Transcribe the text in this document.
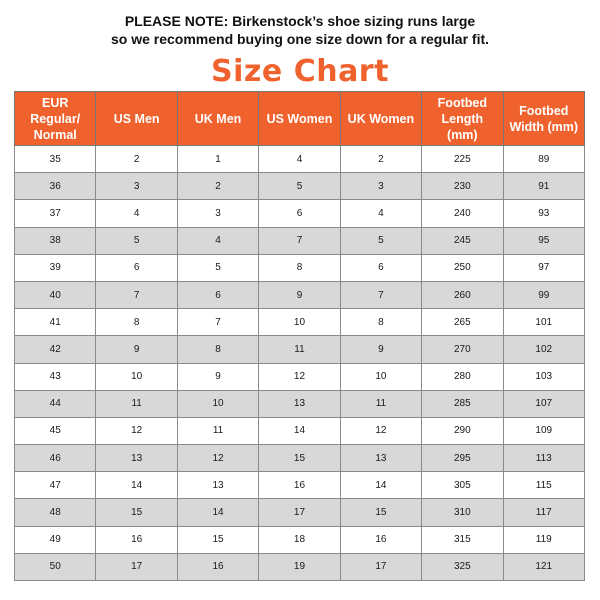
PLEASE NOTE: Birkenstock’s shoe sizing runs large
so we recommend buying one size down for a regular fit.
Size Chart
EUR
Regular/
Normal	US Men	UK Men	US Women	UK Women	Footbed
Length
(mm)	Footbed
Width (mm)
35	2	1	4	2	225	89
36	3	2	5	3	230	91
37	4	3	6	4	240	93
38	5	4	7	5	245	95
39	6	5	8	6	250	97
40	7	6	9	7	260	99
41	8	7	10	8	265	101
42	9	8	11	9	270	102
43	10	9	12	10	280	103
44	11	10	13	11	285	107
45	12	11	14	12	290	109
46	13	12	15	13	295	113
47	14	13	16	14	305	115
48	15	14	17	15	310	117
49	16	15	18	16	315	119
50	17	16	19	17	325	121
